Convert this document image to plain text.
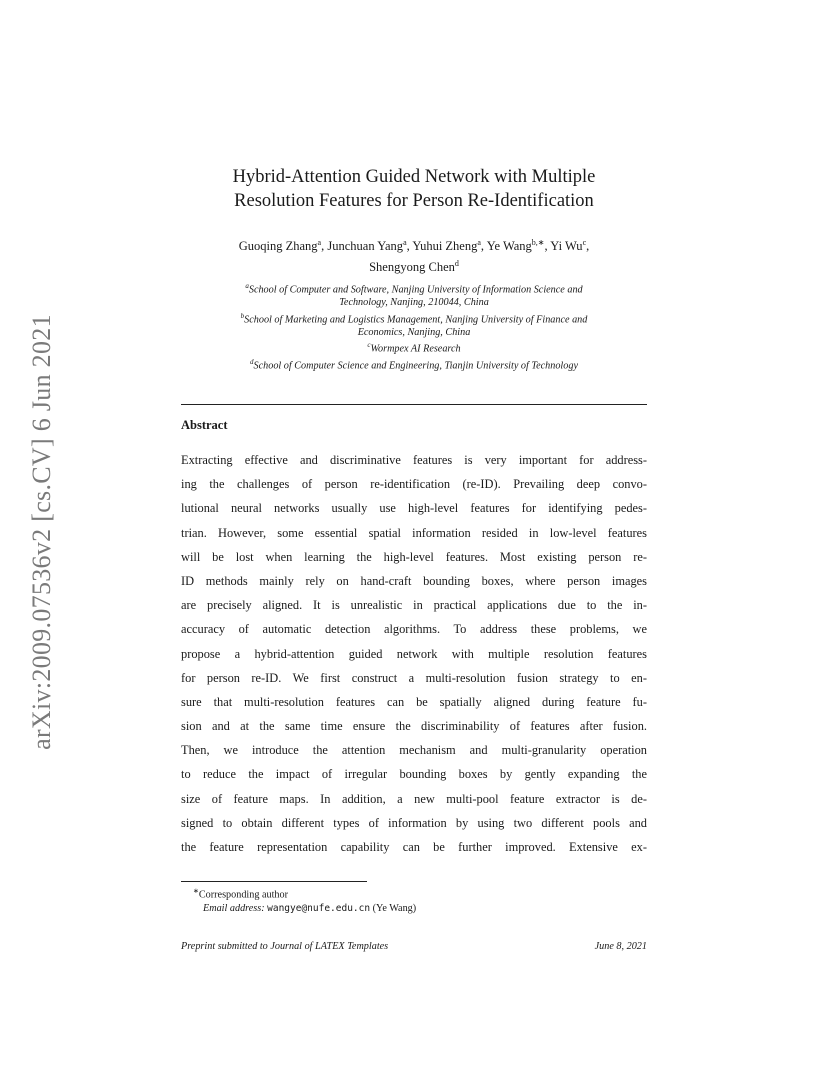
arXiv:2009.07536v2 [cs.CV] 6 Jun 2021
Hybrid-Attention Guided Network with Multiple
Resolution Features for Person Re-Identification
Guoqing Zhang$^a$, Junchuan Yang$^a$, Yuhui Zheng$^a$, Ye Wang$^{b,∗}$, Yi Wu$^c$,
Shengyong Chen$^d$
$^a$School of Computer and Software, Nanjing University of Information Science and
Technology, Nanjing, 210044, China
$^b$School of Marketing and Logistics Management, Nanjing University of Finance and
Economics, Nanjing, China
$^c$Wormpex AI Research
$^d$School of Computer Science and Engineering, Tianjin University of Technology
Abstract
Extracting effective and discriminative features is very important for address-
ing the challenges of person re-identification (re-ID). Prevailing deep convo-
lutional neural networks usually use high-level features for identifying pedes-
trian. However, some essential spatial information resided in low-level features
will be lost when learning the high-level features. Most existing person re-
ID methods mainly rely on hand-craft bounding boxes, where person images
are precisely aligned. It is unrealistic in practical applications due to the in-
accuracy of automatic detection algorithms. To address these problems, we
propose a hybrid-attention guided network with multiple resolution features
for person re-ID. We first construct a multi-resolution fusion strategy to en-
sure that multi-resolution features can be spatially aligned during feature fu-
sion and at the same time ensure the discriminability of features after fusion.
Then, we introduce the attention mechanism and multi-granularity operation
to reduce the impact of irregular bounding boxes by gently expanding the
size of feature maps. In addition, a new multi-pool feature extractor is de-
signed to obtain different types of information by using two different pools and
the feature representation capability can be further improved. Extensive ex-
∗Corresponding author
Email address: wangye@nufe.edu.cn (Ye Wang)
Preprint submitted to Journal of LATEX Templates	June 8, 2021
